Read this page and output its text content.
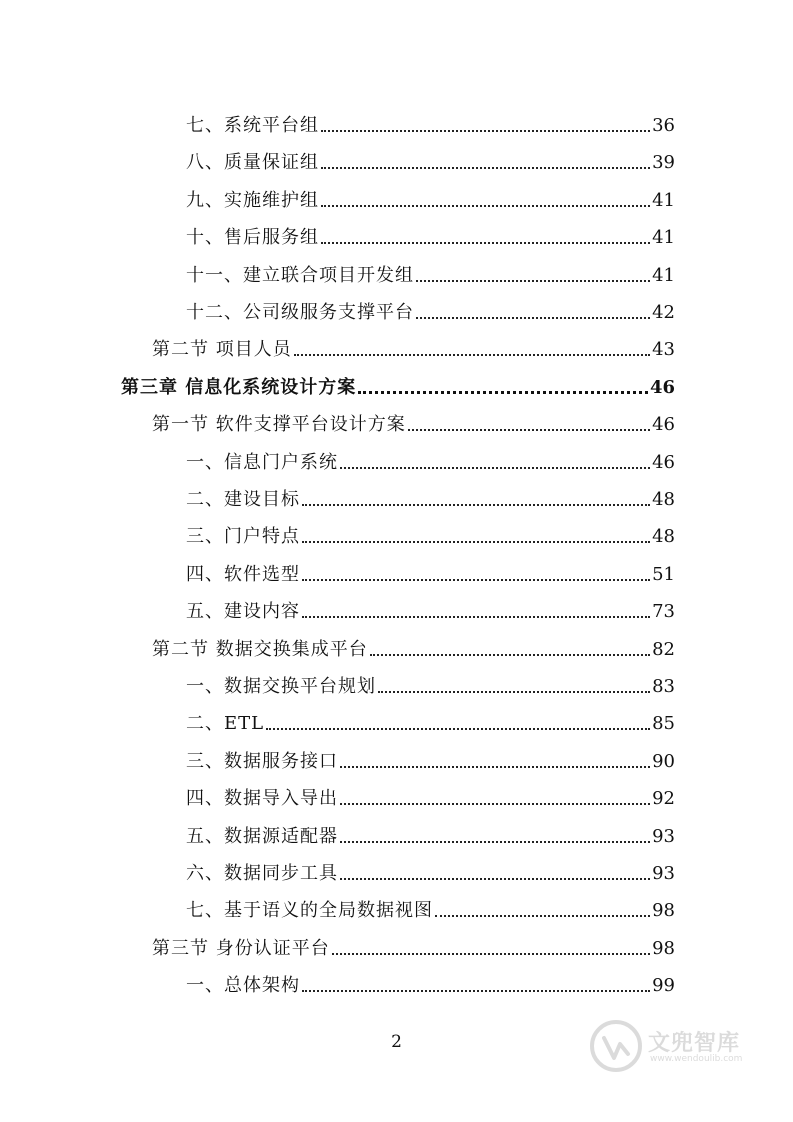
七、系统平台组	36
八、质量保证组	39
九、实施维护组	41
十、售后服务组	41
十一、建立联合项目开发组	41
十二、公司级服务支撑平台	42
第二节 项目人员	43
第三章 信息化系统设计方案	46
第一节 软件支撑平台设计方案	46
一、信息门户系统	46
二、建设目标	48
三、门户特点	48
四、软件选型	51
五、建设内容	73
第二节 数据交换集成平台	82
一、数据交换平台规划	83
二、ETL	85
三、数据服务接口	90
四、数据导入导出	92
五、数据源适配器	93
六、数据同步工具	93
七、基于语义的全局数据视图	98
第三节 身份认证平台	98
一、总体架构	99
2	文兜智库
www.wendoulib.com
